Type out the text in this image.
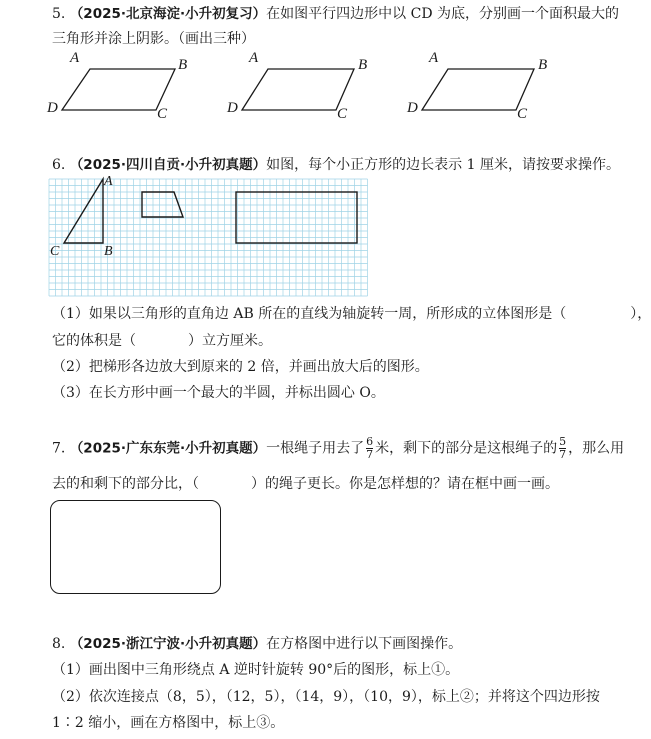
5. （2025·北京海淀·小升初复习）在如图平行四边形中以 CD 为底，分别画一个面积最大的
三角形并涂上阴影。（画出三种）
A	B
C
D
A	B
C
D
A	B
C
D
6. （2025·四川自贡·小升初真题）如图，每个小正方形的边长表示 1 厘米，请按要求操作。
A
B
C
（1）如果以三角形的直角边 AB 所在的直线为轴旋转一周，所形成的立体图形是（	），
它的体积是（	）立方厘米。
（2）把梯形各边放大到原来的 2 倍，并画出放大后的图形。
（3）在长方形中画一个最大的半圆，并标出圆心 O。
7. （2025·广东东莞·小升初真题）一根绳子用去了 $\frac{6}{7}$ 米，剩下的部分是这根绳子的 $\frac{5}{7}$ ，那么用
去的和剩下的部分比，（	）的绳子更长。你是怎样想的？请在框中画一画。
8. （2025·浙江宁波·小升初真题）在方格图中进行以下画图操作。
（1）画出图中三角形绕点 A 逆时针旋转 90°后的图形，标上①。
（2）依次连接点（8，5），（12，5），（14，9），（10，9），标上②；并将这个四边形按
1∶2 缩小，画在方格图中，标上③。
